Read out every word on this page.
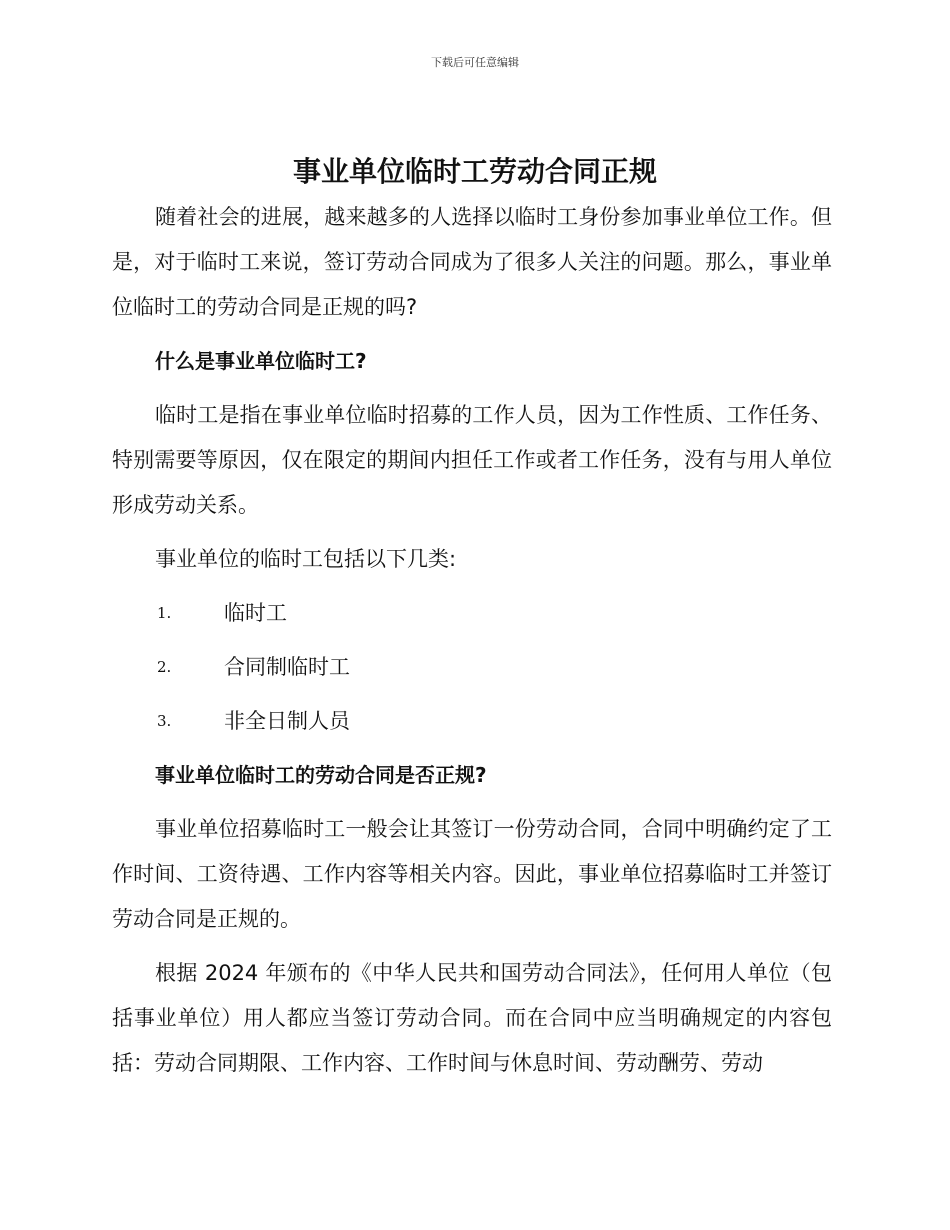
下载后可任意编辑
事业单位临时工劳动合同正规

随着社会的进展，越来越多的人选择以临时工身份参加事业单位工作。但是，对于临时工来说，签订劳动合同成为了很多人关注的问题。那么，事业单位临时工的劳动合同是正规的吗?

什么是事业单位临时工?

临时工是指在事业单位临时招募的工作人员，因为工作性质、工作任务、特别需要等原因，仅在限定的期间内担任工作或者工作任务，没有与用人单位形成劳动关系。

事业单位的临时工包括以下几类:

1.	临时工
2.	合同制临时工
3.	非全日制人员

事业单位临时工的劳动合同是否正规?

事业单位招募临时工一般会让其签订一份劳动合同，合同中明确约定了工作时间、工资待遇、工作内容等相关内容。因此，事业单位招募临时工并签订劳动合同是正规的。

根据 2024 年颁布的《中华人民共和国劳动合同法》，任何用人单位（包括事业单位）用人都应当签订劳动合同。而在合同中应当明确规定的内容包括：劳动合同期限、工作内容、工作时间与休息时间、劳动酬劳、劳动
